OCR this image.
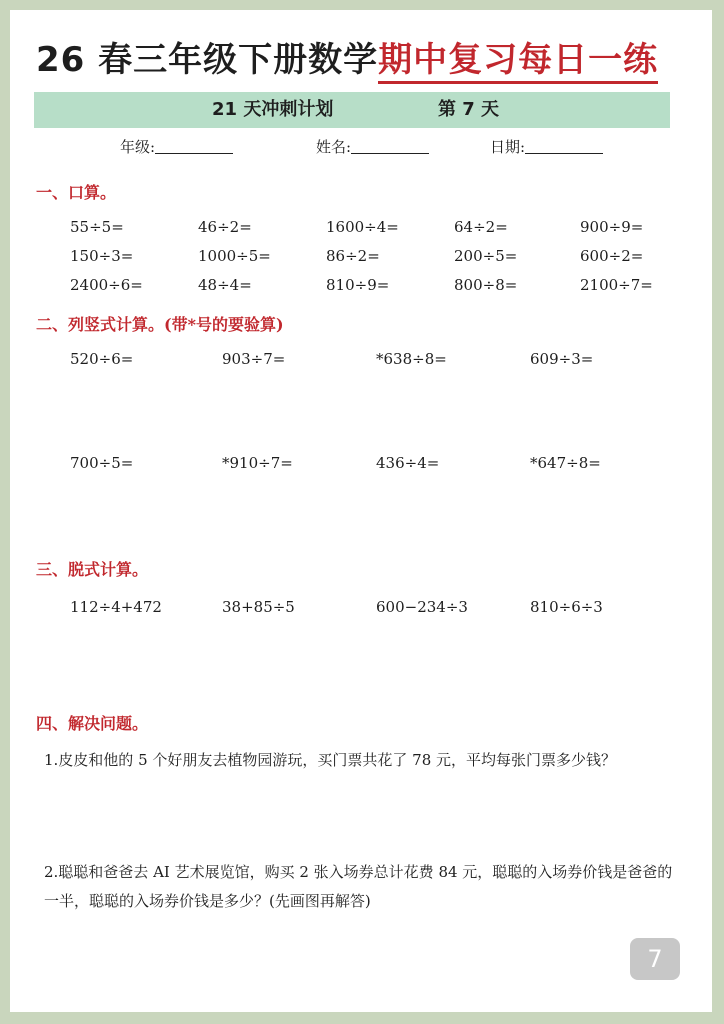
26 春三年级下册数学期中复习每日一练
21 天冲刺计划	第 7 天
年级:	姓名:	日期:
一、口算。
55÷5=	46÷2=	1600÷4=	64÷2=	900÷9=
150÷3=	1000÷5=	86÷2=	200÷5=	600÷2=
2400÷6=	48÷4=	810÷9=	800÷8=	2100÷7=
二、列竖式计算。(带*号的要验算)
520÷6=	903÷7=	*638÷8=	609÷3=
700÷5=	*910÷7=	436÷4=	*647÷8=
三、脱式计算。
112÷4+472	38+85÷5	600−234÷3	810÷6÷3
四、解决问题。
1.皮皮和他的 5 个好朋友去植物园游玩，买门票共花了 78 元，平均每张门票多少钱？
2.聪聪和爸爸去 AI 艺术展览馆，购买 2 张入场券总计花费 84 元，聪聪的入场券价钱是爸爸的一半，聪聪的入场券价钱是多少？(先画图再解答)
7
